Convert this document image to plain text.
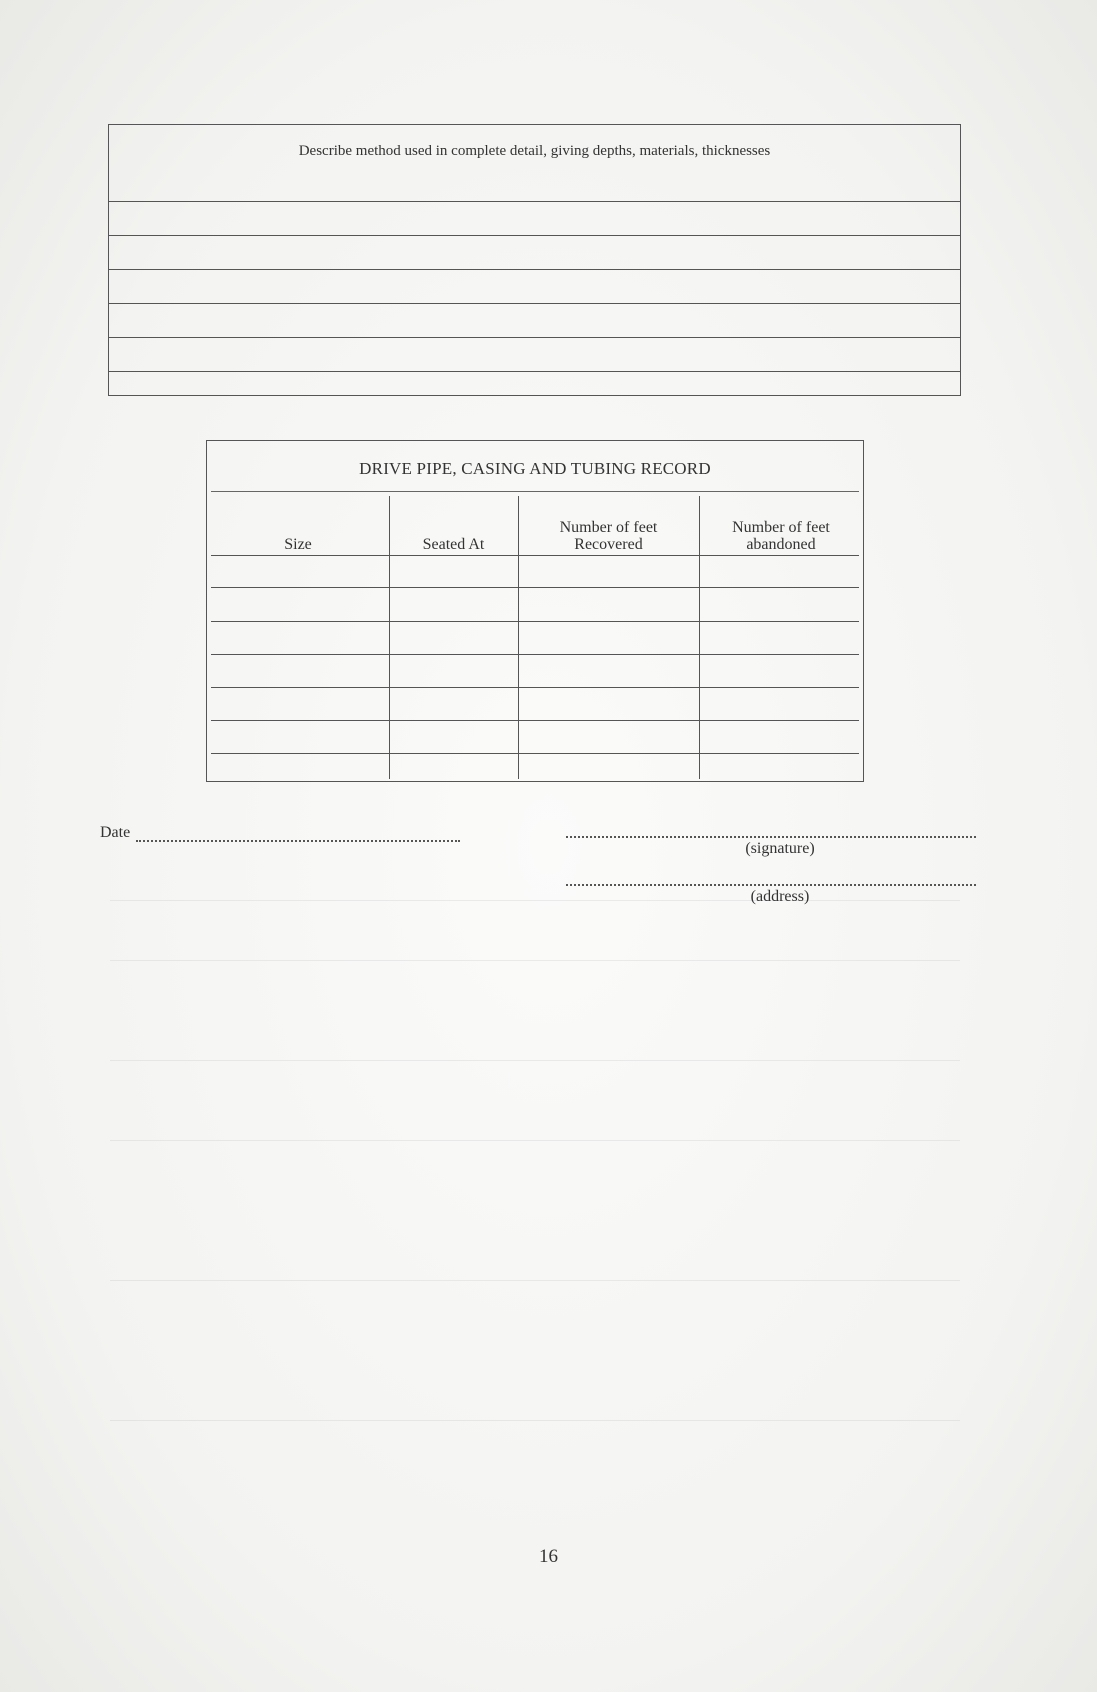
Describe method used in complete detail, giving depths, materials, thicknesses
DRIVE PIPE, CASING AND TUBING RECORD
Size	Seated At
Number of feet
Recovered
Number of feet
abandoned
Date
(signature)
(address)
16
